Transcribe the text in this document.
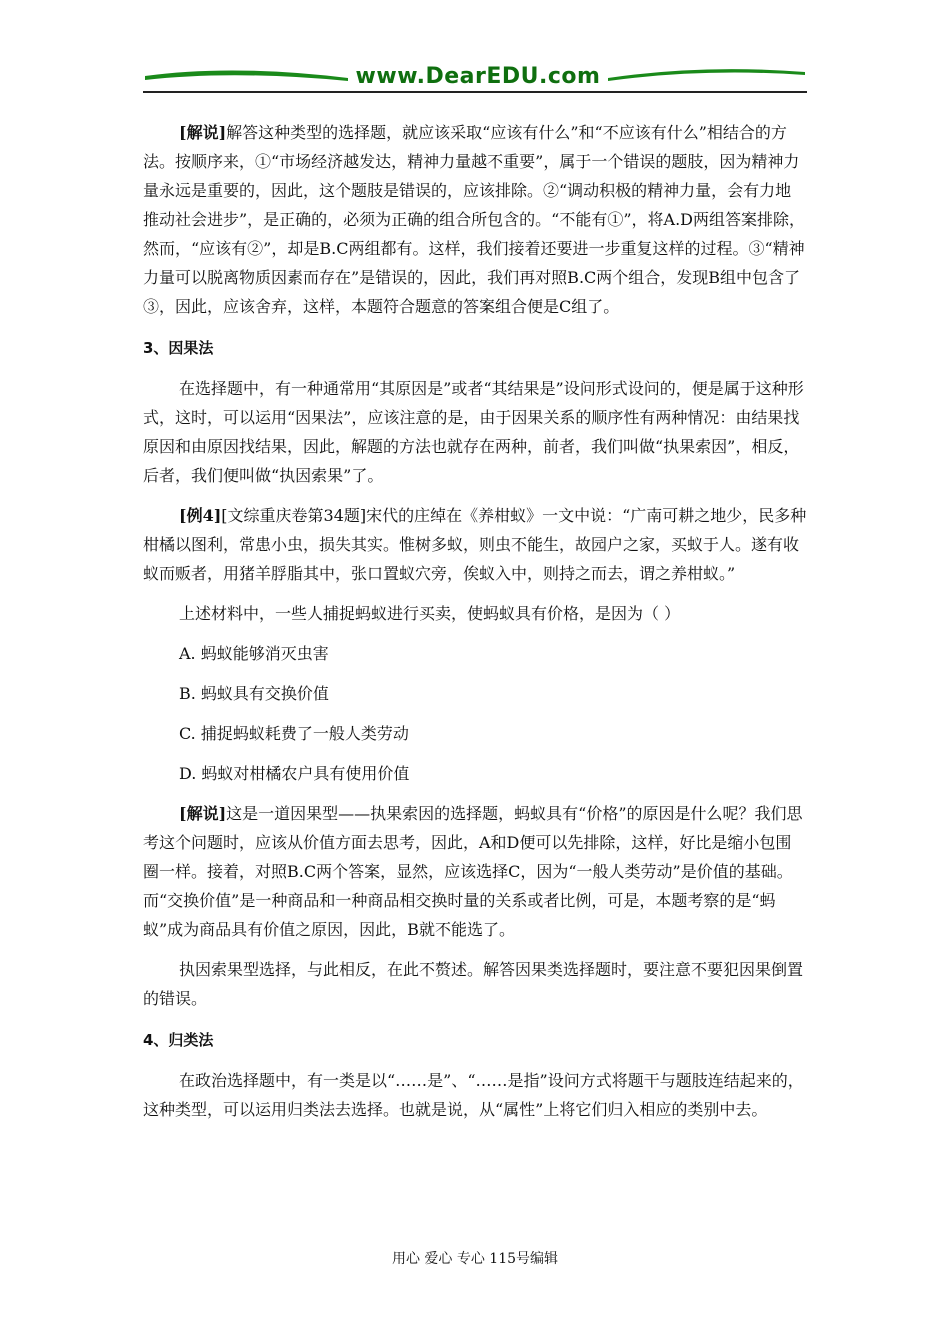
www.DearEDU.com

[解说]解答这种类型的选择题，就应该采取“应该有什么”和“不应该有什么”相结合的方法。按顺序来，①“市场经济越发达，精神力量越不重要”，属于一个错误的题肢，因为精神力量永远是重要的，因此，这个题肢是错误的，应该排除。②“调动积极的精神力量，会有力地推动社会进步”，是正确的，必须为正确的组合所包含的。“不能有①”，将A.D两组答案排除，然而，“应该有②”，却是B.C两组都有。这样，我们接着还要进一步重复这样的过程。③“精神力量可以脱离物质因素而存在”是错误的，因此，我们再对照B.C两个组合，发现B组中包含了③，因此，应该舍弃，这样，本题符合题意的答案组合便是C组了。

3、因果法

在选择题中，有一种通常用“其原因是”或者“其结果是”设问形式设问的，便是属于这种形式，这时，可以运用“因果法”，应该注意的是，由于因果关系的顺序性有两种情况：由结果找原因和由原因找结果，因此，解题的方法也就存在两种，前者，我们叫做“执果索因”，相反，后者，我们便叫做“执因索果”了。

[例4][文综重庆卷第34题]宋代的庄绰在《养柑蚁》一文中说：“广南可耕之地少，民多种柑橘以图利，常患小虫，损失其实。惟树多蚁，则虫不能生，故园户之家，买蚁于人。遂有收蚁而贩者，用猪羊脬脂其中，张口置蚁穴旁，俟蚁入中，则持之而去，谓之养柑蚁。”

上述材料中，一些人捕捉蚂蚁进行买卖，使蚂蚁具有价格，是因为（ ）

A. 蚂蚁能够消灭虫害

B. 蚂蚁具有交换价值

C. 捕捉蚂蚁耗费了一般人类劳动

D. 蚂蚁对柑橘农户具有使用价值

[解说]这是一道因果型——执果索因的选择题，蚂蚁具有“价格”的原因是什么呢？我们思考这个问题时，应该从价值方面去思考，因此，A和D便可以先排除，这样，好比是缩小包围圈一样。接着，对照B.C两个答案，显然，应该选择C，因为“一般人类劳动”是价值的基础。而“交换价值”是一种商品和一种商品相交换时量的关系或者比例，可是，本题考察的是“蚂蚁”成为商品具有价值之原因，因此，B就不能选了。

执因索果型选择，与此相反，在此不赘述。解答因果类选择题时，要注意不要犯因果倒置的错误。

4、归类法

在政治选择题中，有一类是以“……是”、“……是指”设问方式将题干与题肢连结起来的，这种类型，可以运用归类法去选择。也就是说，从“属性”上将它们归入相应的类别中去。

用心 爱心 专心 115号编辑
